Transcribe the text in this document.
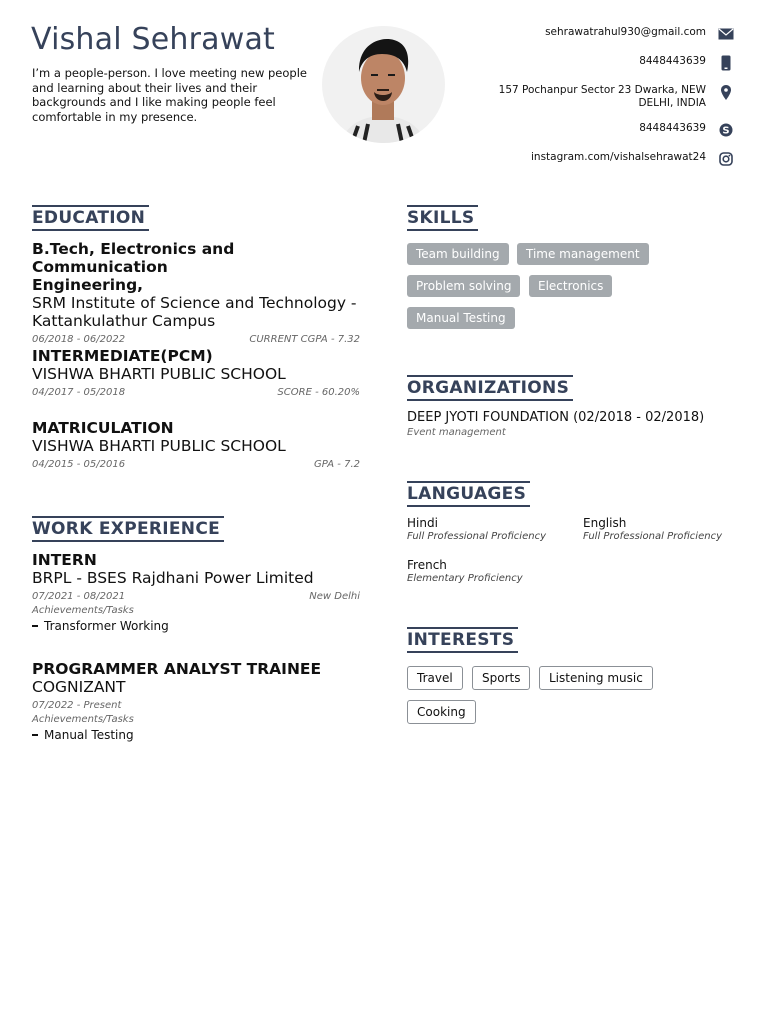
Vishal Sehrawat
I’m a people-person. I love meeting new people and learning about their lives and their backgrounds and I like making people feel comfortable in my presence.
sehrawatrahul930@gmail.com
8448443639
157 Pochanpur Sector 23 Dwarka, NEW
DELHI, INDIA
8448443639 S
instagram.com/vishalsehrawat24
EDUCATION
B.Tech, Electronics and Communication
Engineering,
SRM Institute of Science and Technology -
Kattankulathur Campus
06/2018 - 06/2022	CURRENT CGPA - 7.32
INTERMEDIATE(PCM)
VISHWA BHARTI PUBLIC SCHOOL
04/2017 - 05/2018	SCORE - 60.20%
MATRICULATION
VISHWA BHARTI PUBLIC SCHOOL
04/2015 - 05/2016	GPA - 7.2
WORK EXPERIENCE
INTERN
BRPL - BSES Rajdhani Power Limited
07/2021 - 08/2021	New Delhi
Achievements/Tasks
Transformer Working
PROGRAMMER ANALYST TRAINEE
COGNIZANT
07/2022 - Present
Achievements/Tasks
Manual Testing
SKILLS
Team building	Time management
Problem solving	Electronics
Manual Testing
ORGANIZATIONS
DEEP JYOTI FOUNDATION (02/2018 - 02/2018)
Event management
LANGUAGES
Hindi
Full Professional Proficiency
English
Full Professional Proficiency
French
Elementary Proficiency
INTERESTS
Travel	Sports	Listening music
Cooking
